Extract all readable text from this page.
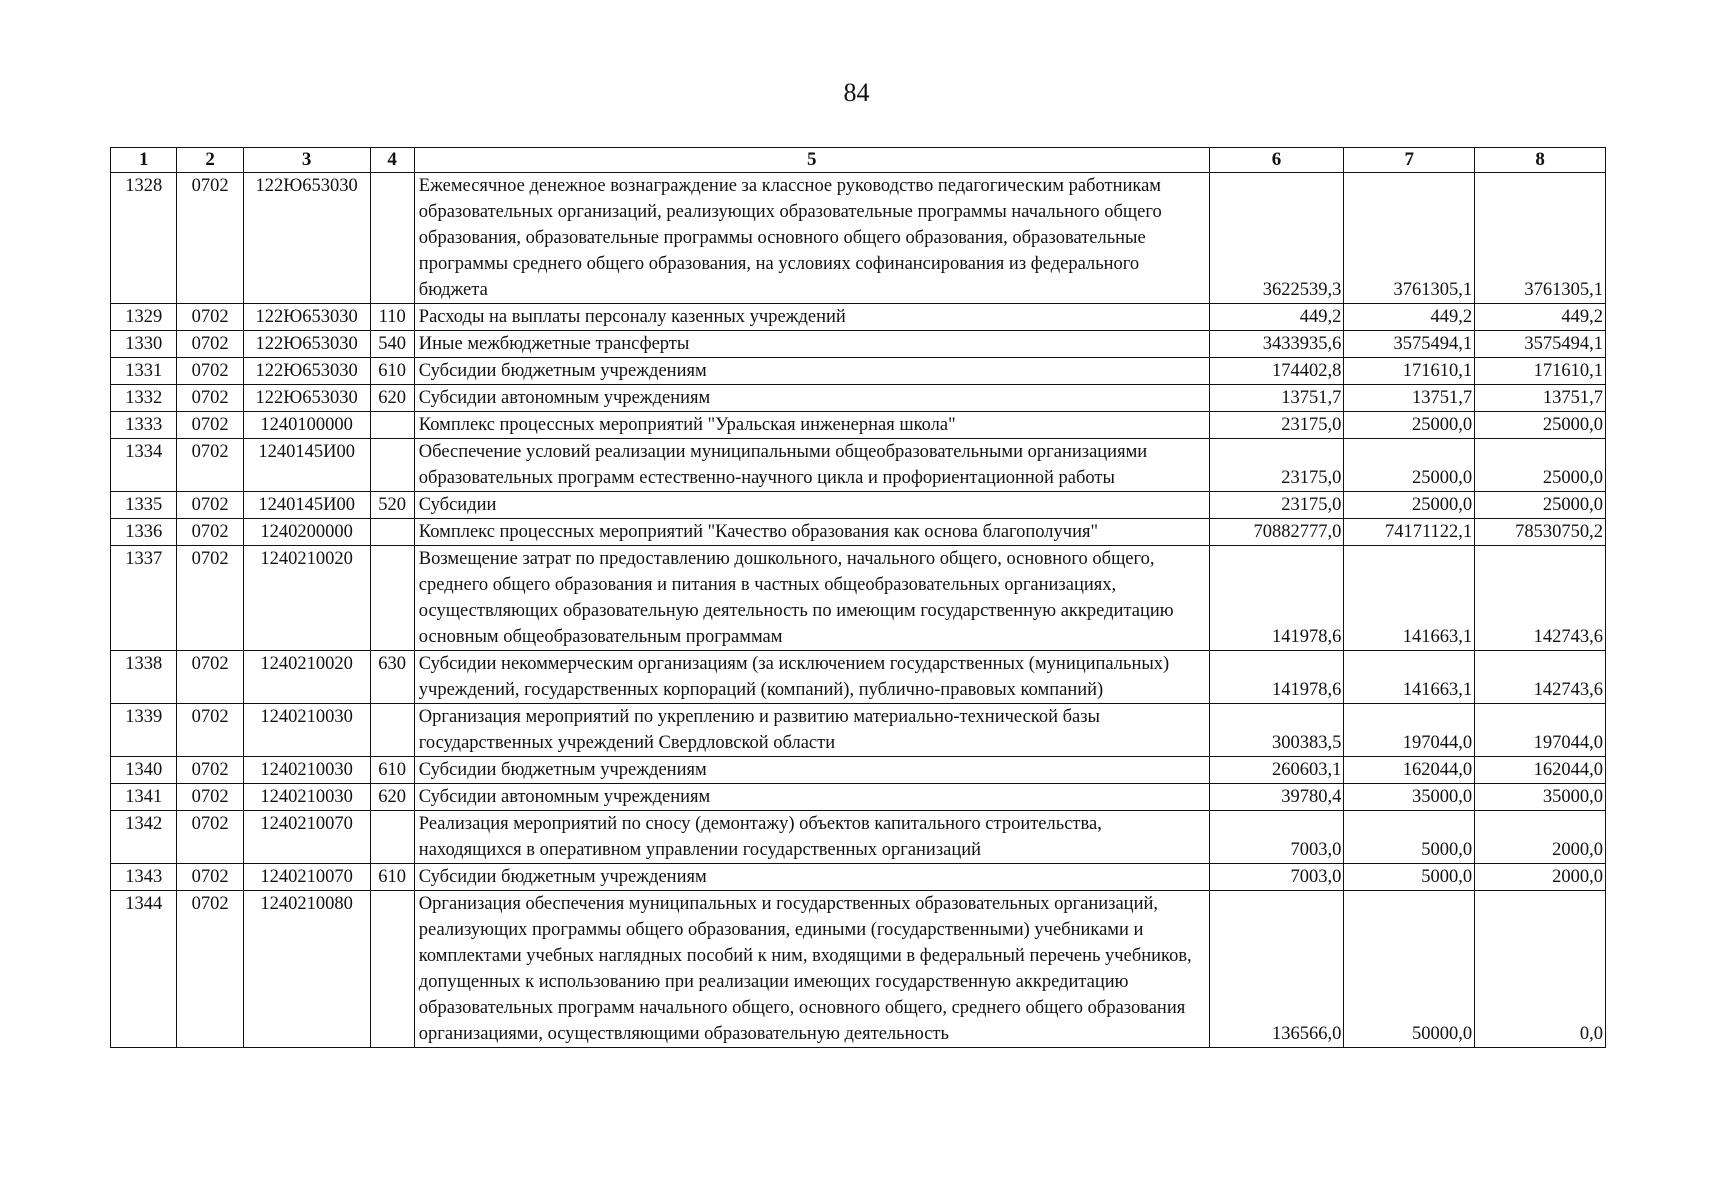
84
1	2	3	4	5	6	7	8
1328	0702	122Ю653030		Ежемесячное денежное вознаграждение за классное руководство педагогическим работникам образовательных организаций, реализующих образовательные программы начального общего образования, образовательные программы основного общего образования, образовательные программы среднего общего образования, на условиях софинансирования из федерального бюджета	3622539,3	3761305,1	3761305,1
1329	0702	122Ю653030	110	Расходы на выплаты персоналу казенных учреждений	449,2	449,2	449,2
1330	0702	122Ю653030	540	Иные межбюджетные трансферты	3433935,6	3575494,1	3575494,1
1331	0702	122Ю653030	610	Субсидии бюджетным учреждениям	174402,8	171610,1	171610,1
1332	0702	122Ю653030	620	Субсидии автономным учреждениям	13751,7	13751,7	13751,7
1333	0702	1240100000		Комплекс процессных мероприятий "Уральская инженерная школа"	23175,0	25000,0	25000,0
1334	0702	1240145И00		Обеспечение условий реализации муниципальными общеобразовательными организациями образовательных программ естественно-научного цикла и профориентационной работы	23175,0	25000,0	25000,0
1335	0702	1240145И00	520	Субсидии	23175,0	25000,0	25000,0
1336	0702	1240200000		Комплекс процессных мероприятий "Качество образования как основа благополучия"	70882777,0	74171122,1	78530750,2
1337	0702	1240210020		Возмещение затрат по предоставлению дошкольного, начального общего, основного общего, среднего общего образования и питания в частных общеобразовательных организациях, осуществляющих образовательную деятельность по имеющим государственную аккредитацию основным общеобразовательным программам	141978,6	141663,1	142743,6
1338	0702	1240210020	630	Субсидии некоммерческим организациям (за исключением государственных (муниципальных) учреждений, государственных корпораций (компаний), публично-правовых компаний)	141978,6	141663,1	142743,6
1339	0702	1240210030		Организация мероприятий по укреплению и развитию материально-технической базы государственных учреждений Свердловской области	300383,5	197044,0	197044,0
1340	0702	1240210030	610	Субсидии бюджетным учреждениям	260603,1	162044,0	162044,0
1341	0702	1240210030	620	Субсидии автономным учреждениям	39780,4	35000,0	35000,0
1342	0702	1240210070		Реализация мероприятий по сносу (демонтажу) объектов капитального строительства, находящихся в оперативном управлении государственных организаций	7003,0	5000,0	2000,0
1343	0702	1240210070	610	Субсидии бюджетным учреждениям	7003,0	5000,0	2000,0
1344	0702	1240210080		Организация обеспечения муниципальных и государственных образовательных организаций, реализующих программы общего образования, едиными (государственными) учебниками и комплектами учебных наглядных пособий к ним, входящими в федеральный перечень учебников, допущенных к использованию при реализации имеющих государственную аккредитацию образовательных программ начального общего, основного общего, среднего общего образования организациями, осуществляющими образовательную деятельность	136566,0	50000,0	0,0
